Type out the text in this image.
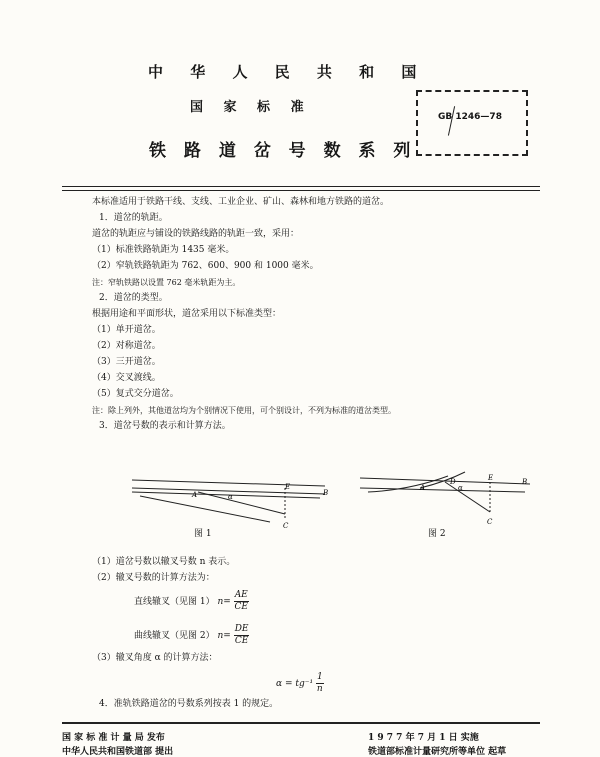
中 华 人 民 共 和 国
国 家 标 准
铁 路 道 岔 号 数 系 列
GB 1246—78
本标准适用于铁路干线、支线、工业企业、矿山、森林和地方铁路的道岔。
1．道岔的轨距。
道岔的轨距应与铺设的铁路线路的轨距一致，采用：
（1）标准铁路轨距为 1435 毫米。
（2）窄轨铁路轨距为 762、600、900 和 1000 毫米。
注：窄轨铁路以设置 762 毫米轨距为主。
2．道岔的类型。
根据用途和平面形状，道岔采用以下标准类型：
（1）单开道岔。
（2）对称道岔。
（3）三开道岔。
（4）交叉渡线。
（5）复式交分道岔。
注：除上列外，其他道岔均为个别情况下使用，可个别设计，不列为标准的道岔类型。
3．道岔号数的表示和计算方法。
A	α
E
B
C
图 1
A
D
α
E	B
C
图 2
（1）道岔号数以辙叉号数 n 表示。
（2）辙叉号数的计算方法为：
直线辙叉（见图 1） $n= \frac{AE}{CE}$
曲线辙叉（见图 2） $n= \frac{DE}{CE}$
（3）辙叉角度 α 的计算方法：
$\alpha = tg^{-1} \frac{1}{n}$
4．准轨铁路道岔的号数系列按表 1 的规定。
国 家 标 准 计 量 局 发布
中华人民共和国铁道部 提出
1 9 7 7 年 7 月 1 日 实施
铁道部标准计量研究所等单位 起草
